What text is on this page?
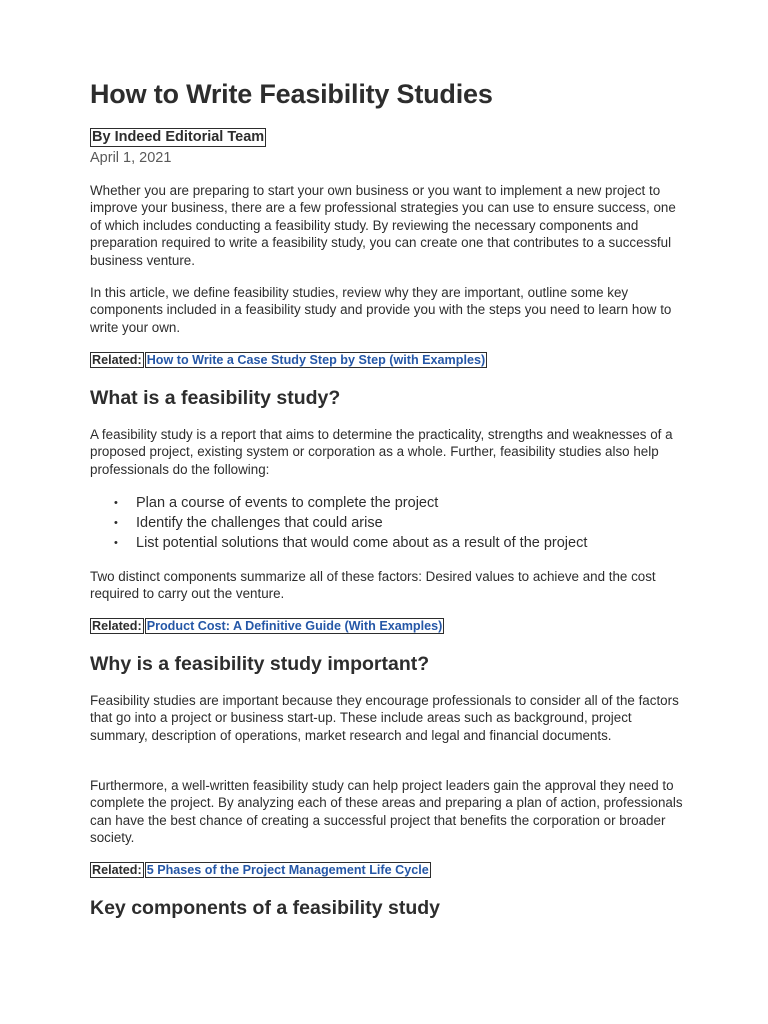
How to Write Feasibility Studies
By Indeed Editorial Team
April 1, 2021

Whether you are preparing to start your own business or you want to implement a new project to improve your business, there are a few professional strategies you can use to ensure success, one of which includes conducting a feasibility study. By reviewing the necessary components and preparation required to write a feasibility study, you can create one that contributes to a successful business venture.

In this article, we define feasibility studies, review why they are important, outline some key components included in a feasibility study and provide you with the steps you need to learn how to write your own.

Related: How to Write a Case Study Step by Step (with Examples)
What is a feasibility study?

A feasibility study is a report that aims to determine the practicality, strengths and weaknesses of a proposed project, existing system or corporation as a whole. Further, feasibility studies also help professionals do the following:

• Plan a course of events to complete the project
• Identify the challenges that could arise
• List potential solutions that would come about as a result of the project

Two distinct components summarize all of these factors: Desired values to achieve and the cost required to carry out the venture.

Related: Product Cost: A Definitive Guide (With Examples)
Why is a feasibility study important?

Feasibility studies are important because they encourage professionals to consider all of the factors that go into a project or business start-up. These include areas such as background, project summary, description of operations, market research and legal and financial documents.

Furthermore, a well-written feasibility study can help project leaders gain the approval they need to complete the project. By analyzing each of these areas and preparing a plan of action, professionals can have the best chance of creating a successful project that benefits the corporation or broader society.

Related: 5 Phases of the Project Management Life Cycle
Key components of a feasibility study
